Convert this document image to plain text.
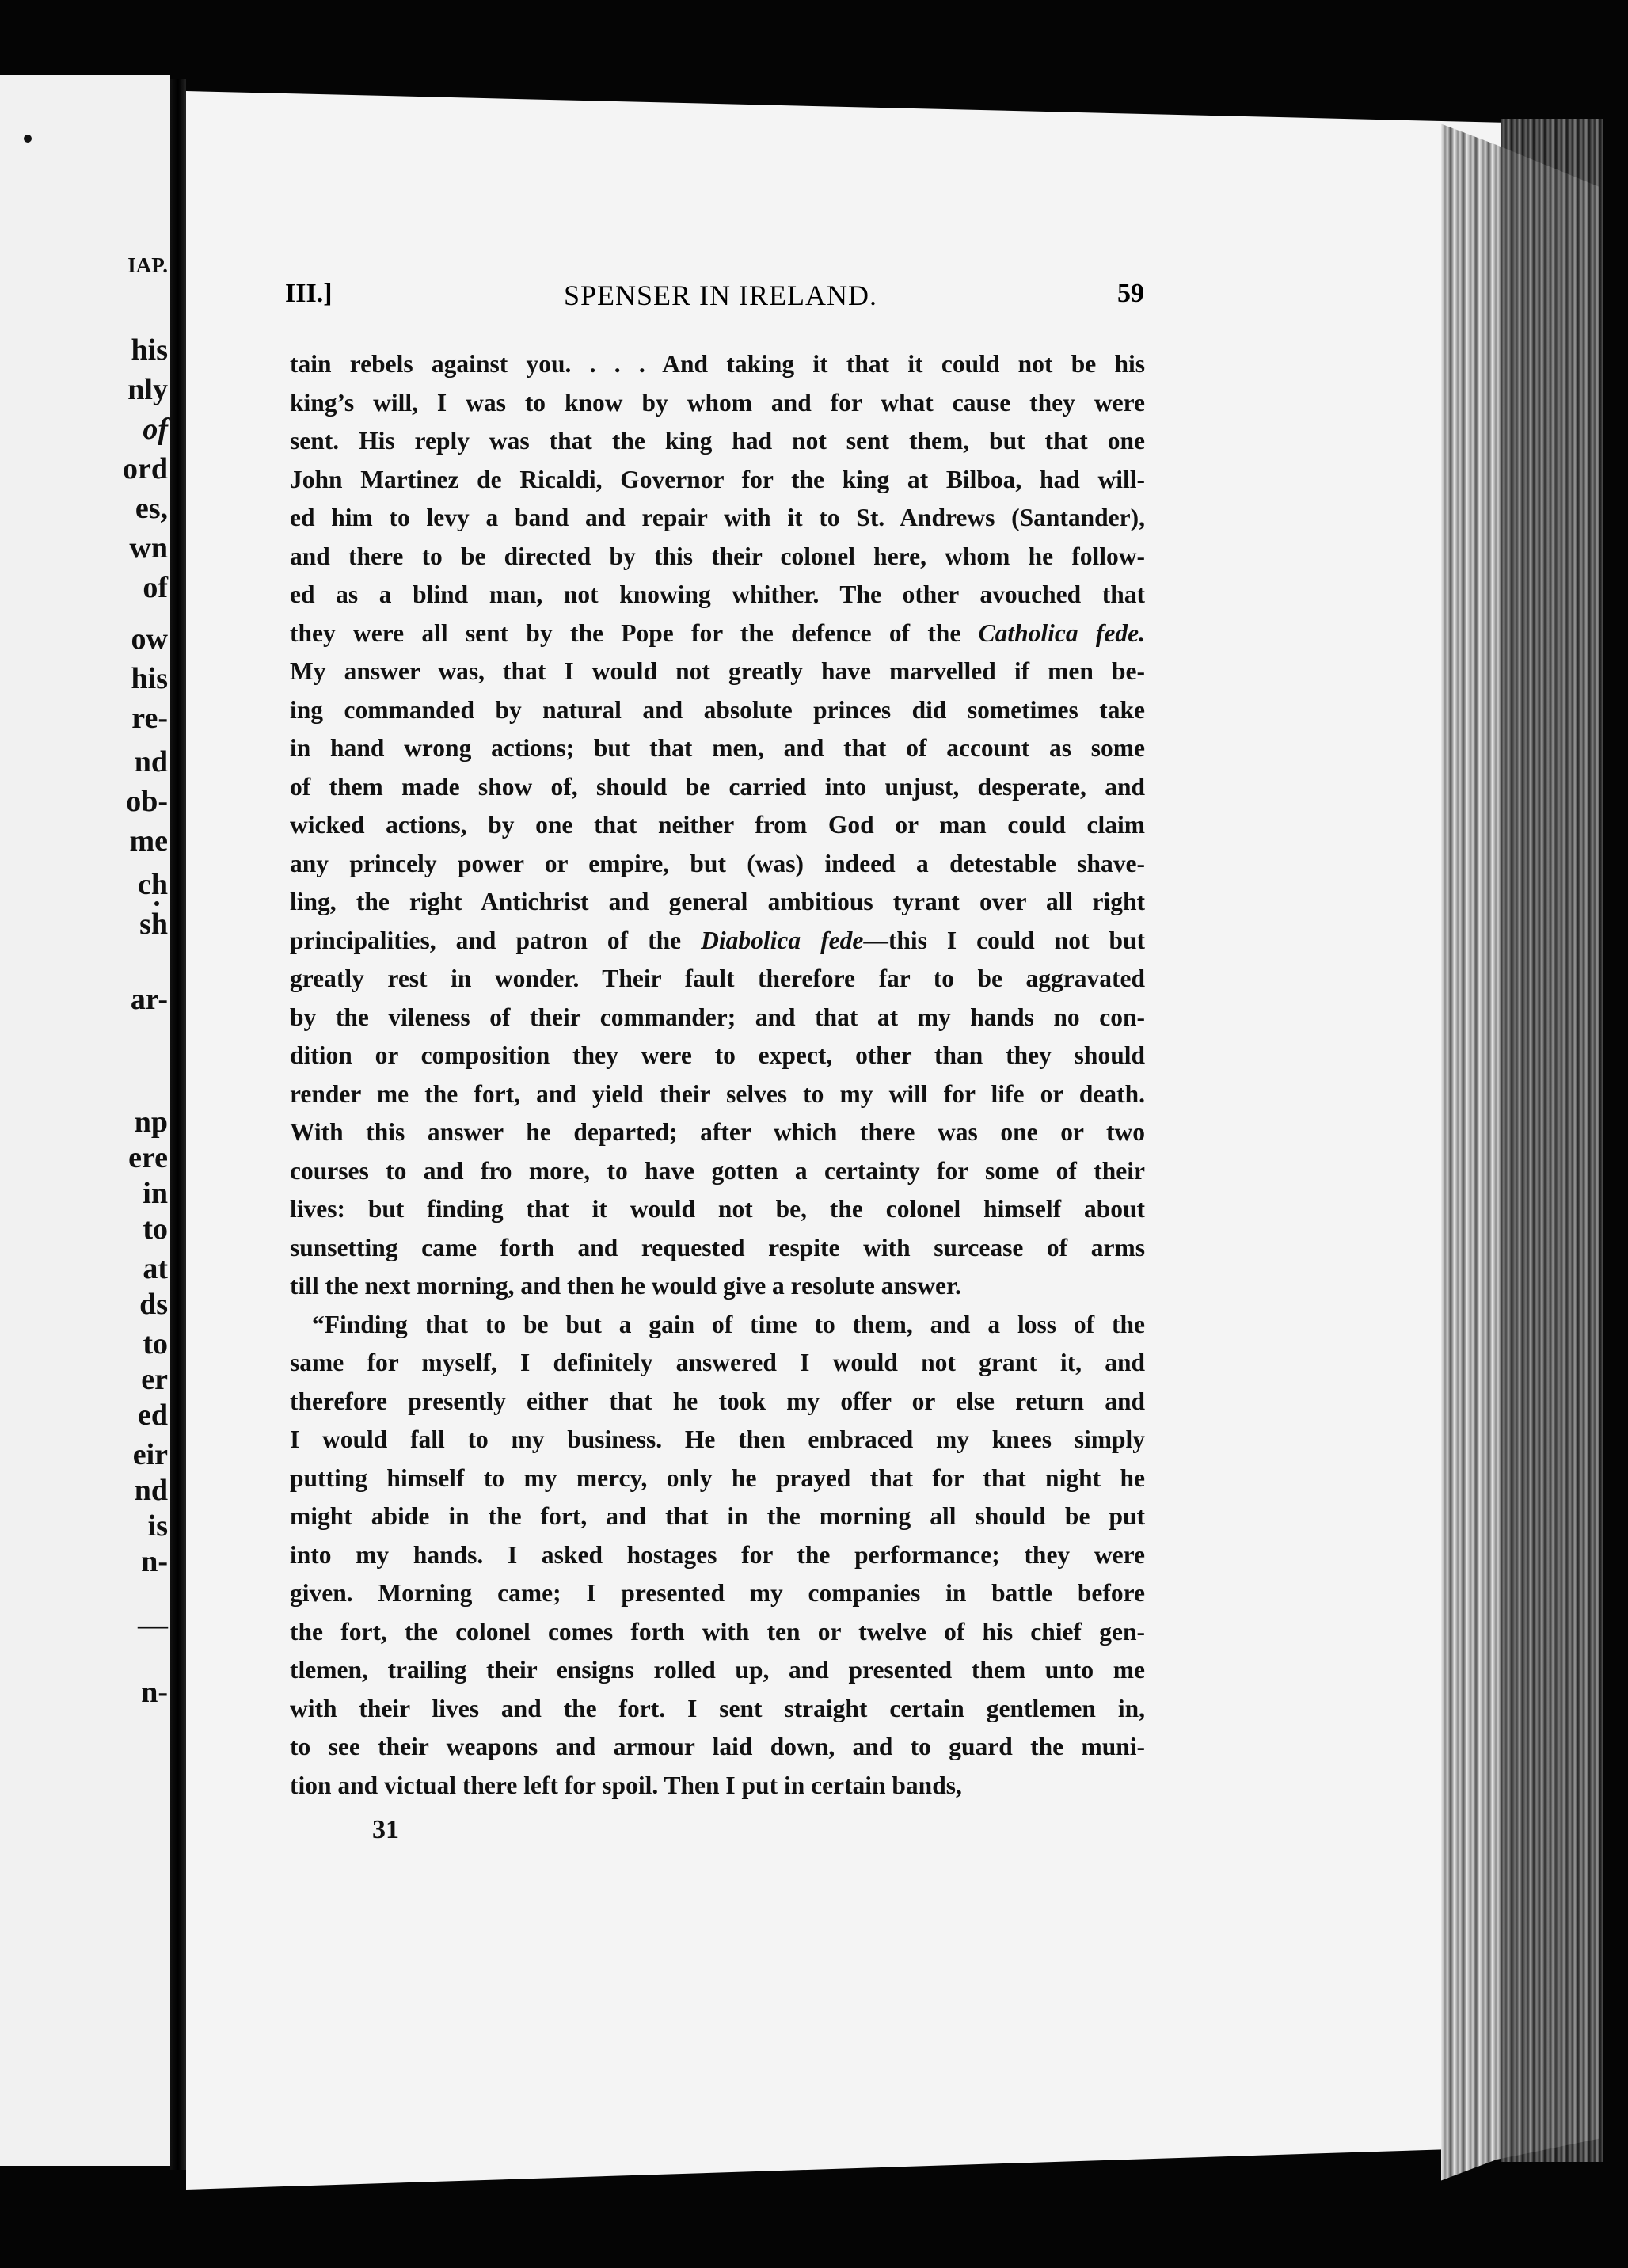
IAP.
his
nly
of
ord
es,
wn
of
ow
his
re-
nd
ob-
me
ch
sh
ar-
np
ere
in
to
at
ds
to
er
ed
eir
nd
is
n-
—
n-
III.]	SPENSER IN IRELAND.	59
tain rebels against you. . . . And taking it that it could not be his
king’s will, I was to know by whom and for what cause they were
sent. His reply was that the king had not sent them, but that one
John Martinez de Ricaldi, Governor for the king at Bilboa, had will-
ed him to levy a band and repair with it to St. Andrews (Santander),
and there to be directed by this their colonel here, whom he follow-
ed as a blind man, not knowing whither. The other avouched that
they were all sent by the Pope for the defence of the Catholica fede.
My answer was, that I would not greatly have marvelled if men be-
ing commanded by natural and absolute princes did sometimes take
in hand wrong actions; but that men, and that of account as some
of them made show of, should be carried into unjust, desperate, and
wicked actions, by one that neither from God or man could claim
any princely power or empire, but (was) indeed a detestable shave-
ling, the right Antichrist and general ambitious tyrant over all right
principalities, and patron of the Diabolica fede—this I could not but
greatly rest in wonder. Their fault therefore far to be aggravated
by the vileness of their commander; and that at my hands no con-
dition or composition they were to expect, other than they should
render me the fort, and yield their selves to my will for life or death.
With this answer he departed; after which there was one or two
courses to and fro more, to have gotten a certainty for some of their
lives: but finding that it would not be, the colonel himself about
sunsetting came forth and requested respite with surcease of arms
till the next morning, and then he would give a resolute answer.
“Finding that to be but a gain of time to them, and a loss of the
same for myself, I definitely answered I would not grant it, and
therefore presently either that he took my offer or else return and
I would fall to my business. He then embraced my knees simply
putting himself to my mercy, only he prayed that for that night he
might abide in the fort, and that in the morning all should be put
into my hands. I asked hostages for the performance; they were
given. Morning came; I presented my companies in battle before
the fort, the colonel comes forth with ten or twelve of his chief gen-
tlemen, trailing their ensigns rolled up, and presented them unto me
with their lives and the fort. I sent straight certain gentlemen in,
to see their weapons and armour laid down, and to guard the muni-
tion and victual there left for spoil. Then I put in certain bands,
31
